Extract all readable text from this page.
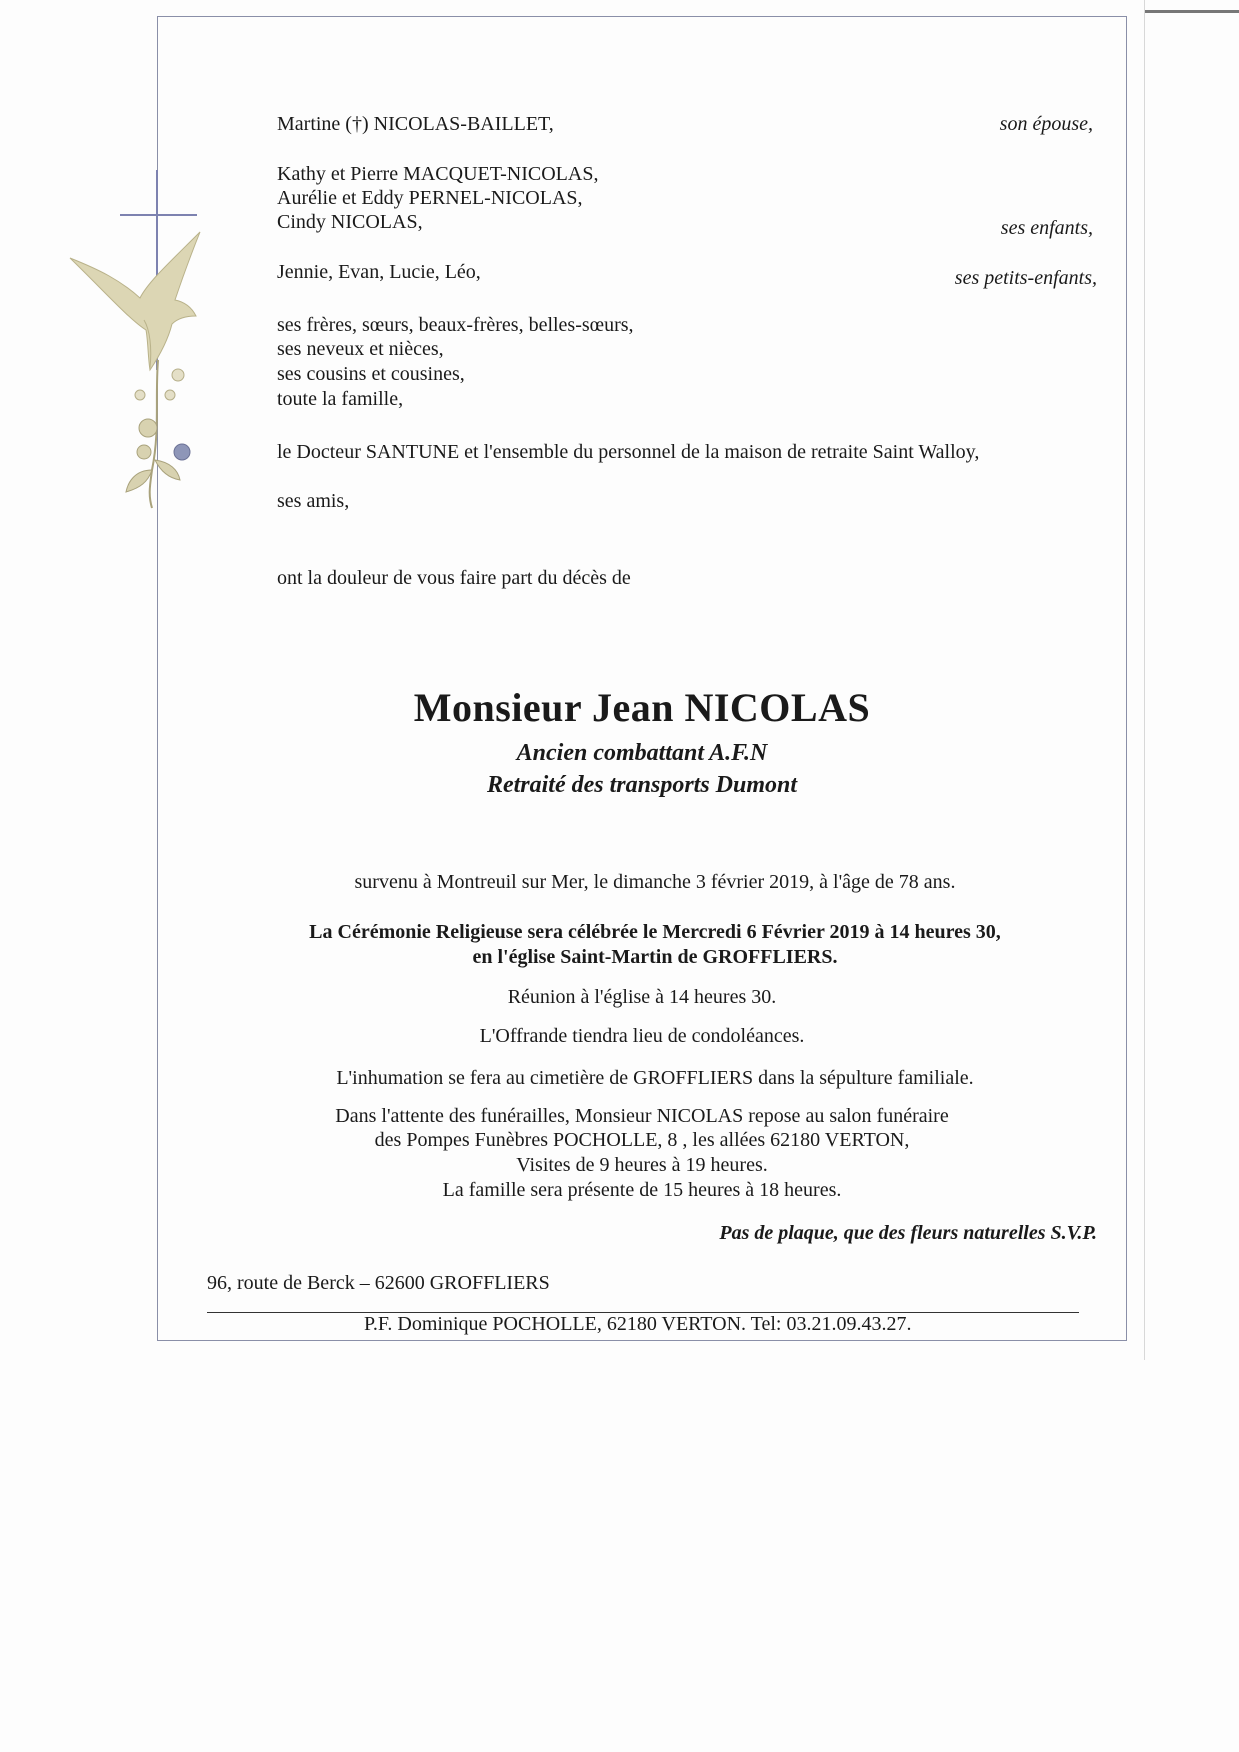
Martine (†) NICOLAS-BAILLET,	son épouse,
Kathy et Pierre MACQUET-NICOLAS,
Aurélie et Eddy PERNEL-NICOLAS,
Cindy NICOLAS,	ses enfants,
Jennie, Evan, Lucie, Léo,	ses petits-enfants,
ses frères, sœurs, beaux-frères, belles-sœurs,
ses neveux et nièces,
ses cousins et cousines,
toute la famille,
le Docteur SANTUNE et l'ensemble du personnel de la maison de retraite Saint Walloy,
ses amis,
ont la douleur de vous faire part du décès de
Monsieur Jean NICOLAS
Ancien combattant A.F.N
Retraité des transports Dumont
survenu à Montreuil sur Mer, le dimanche 3 février 2019, à l'âge de 78 ans.
La Cérémonie Religieuse sera célébrée le Mercredi 6 Février 2019 à 14 heures 30,
en l'église Saint-Martin de GROFFLIERS.
Réunion à l'église à 14 heures 30.
L'Offrande tiendra lieu de condoléances.
L'inhumation se fera au cimetière de GROFFLIERS dans la sépulture familiale.
Dans l'attente des funérailles, Monsieur NICOLAS repose au salon funéraire
des Pompes Funèbres POCHOLLE, 8 , les allées 62180 VERTON,
Visites de 9 heures à 19 heures.
La famille sera présente de 15 heures à 18 heures.
Pas de plaque, que des fleurs naturelles S.V.P.
96, route de Berck – 62600 GROFFLIERS
P.F. Dominique POCHOLLE, 62180 VERTON. Tel: 03.21.09.43.27.
